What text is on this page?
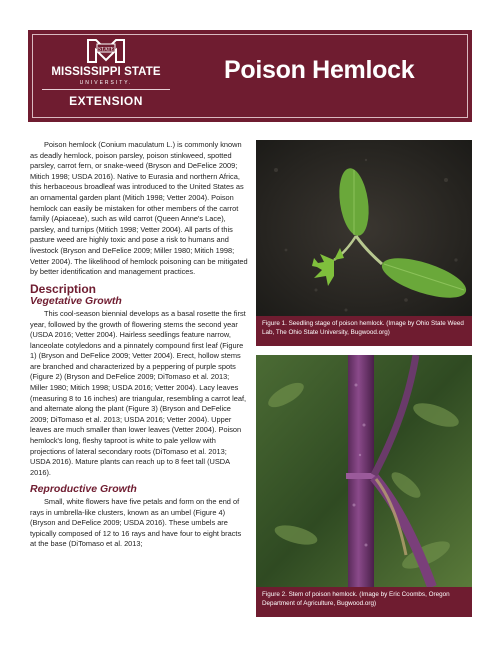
STATE
MISSISSIPPI STATE
UNIVERSITY.
EXTENSION
Poison Hemlock

Poison hemlock (Conium maculatum L.) is commonly known as deadly hemlock, poison parsley, poison stinkweed, spotted parsley, carrot fern, or snake-weed (Bryson and DeFelice 2009; Mitich 1998; USDA 2016). Native to Eurasia and northern Africa, this herbaceous broadleaf was introduced to the United States as an ornamental garden plant (Mitich 1998; Vetter 2004). Poison hemlock can easily be mistaken for other members of the carrot family (Apiaceae), such as wild carrot (Queen Anne's Lace), parsley, and turnips (Mitich 1998; Vetter 2004). All parts of this pasture weed are highly toxic and pose a risk to humans and livestock (Bryson and DeFelice 2009; Miller 1980; Mitich 1998; Vetter 2004). The likelihood of hemlock poisoning can be mitigated by better identification and management practices.

Description
Vegetative Growth

This cool-season biennial develops as a basal rosette the first year, followed by the growth of flowering stems the second year (USDA 2016; Vetter 2004). Hairless seedlings feature narrow, lanceolate cotyledons and a pinnately compound first leaf (Figure 1) (Bryson and DeFelice 2009; Vetter 2004). Erect, hollow stems are branched and characterized by a peppering of purple spots (Figure 2) (Bryson and DeFelice 2009; DiTomaso et al. 2013; Miller 1980; Mitich 1998; USDA 2016; Vetter 2004). Lacy leaves (measuring 8 to 16 inches) are triangular, resembling a carrot leaf, and alternate along the plant (Figure 3) (Bryson and DeFelice 2009; DiTomaso et al. 2013; USDA 2016; Vetter 2004). Upper leaves are much smaller than lower leaves (Vetter 2004). Poison hemlock's long, fleshy taproot is white to pale yellow with projections of lateral secondary roots (DiTomaso et al. 2013; USDA 2016). Mature plants can reach up to 8 feet tall (USDA 2016).

Reproductive Growth

Small, white flowers have five petals and form on the end of rays in umbrella-like clusters, known as an umbel (Figure 4) (Bryson and DeFelice 2009; USDA 2016). These umbels are typically composed of 12 to 16 rays and have four to eight bracts at the base (DiTomaso et al. 2013;

Figure 1. Seedling stage of poison hemlock. (Image by Ohio State Weed Lab, The Ohio State University, Bugwood.org)
Figure 2. Stem of poison hemlock. (Image by Eric Coombs, Oregon Department of Agriculture, Bugwood.org)
